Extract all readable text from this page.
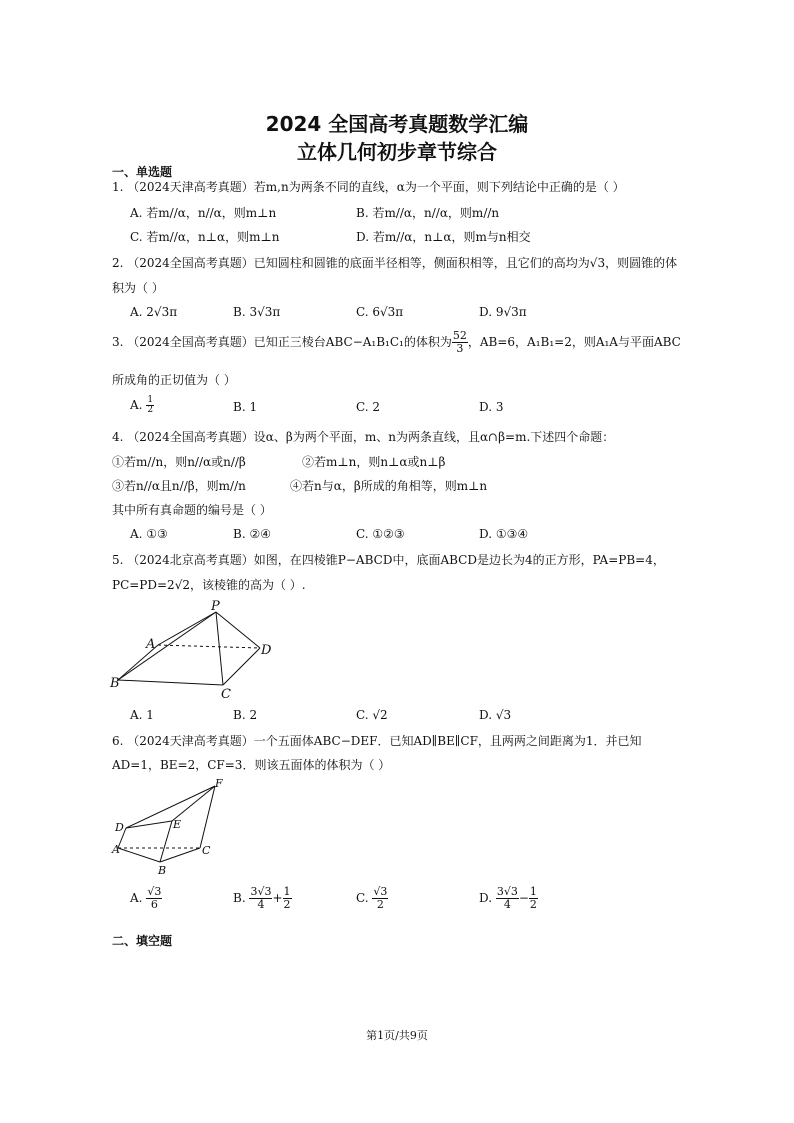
2024 全国高考真题数学汇编
立体几何初步章节综合
一、单选题
1. （2024天津高考真题）若m,n为两条不同的直线，α为一个平面，则下列结论中正确的是（ ）
A. 若m//α，n//α，则m⊥n	B. 若m//α，n//α，则m//n
C. 若m//α，n⊥α，则m⊥n	D. 若m//α，n⊥α，则m与n相交
2. （2024全国高考真题）已知圆柱和圆锥的底面半径相等，侧面积相等，且它们的高均为√3，则圆锥的体
积为（ ）
A. 2√3π	B. 3√3π	C. 6√3π	D. 9√3π
3. （2024全国高考真题）已知正三棱台ABC−A₁B₁C₁的体积为 $\frac{52}{3}$ ，AB=6，A₁B₁=2，则A₁A与平面ABC
所成角的正切值为（ ）
A. $\frac{1}{2}$	B. 1	C. 2	D. 3
4. （2024全国高考真题）设α、β为两个平面，m、n为两条直线，且α∩β=m.下述四个命题：
①若m//n，则n//α或n//β	②若m⊥n，则n⊥α或n⊥β
③若n//α且n//β，则m//n	④若n与α，β所成的角相等，则m⊥n
其中所有真命题的编号是（ ）
A. ①③	B. ②④	C. ①②③	D. ①③④
5. （2024北京高考真题）如图，在四棱锥P−ABCD中，底面ABCD是边长为4的正方形，PA=PB=4，
PC=PD=2√2，该棱锥的高为（ ）.
P
A
B
C
D
A. 1	B. 2	C. √2	D. √3
6. （2024天津高考真题）一个五面体ABC−DEF．已知AD∥BE∥CF，且两两之间距离为1．并已知
AD=1，BE=2，CF=3．则该五面体的体积为（ ）
F
E
D
A	C
B
A. $\frac{√3}{6}$	B. $\frac{3√3}{4} + \frac{1}{2}$	C. $\frac{√3}{2}$	D. $\frac{3√3}{4} - \frac{1}{2}$
二、填空题
第1页/共9页
